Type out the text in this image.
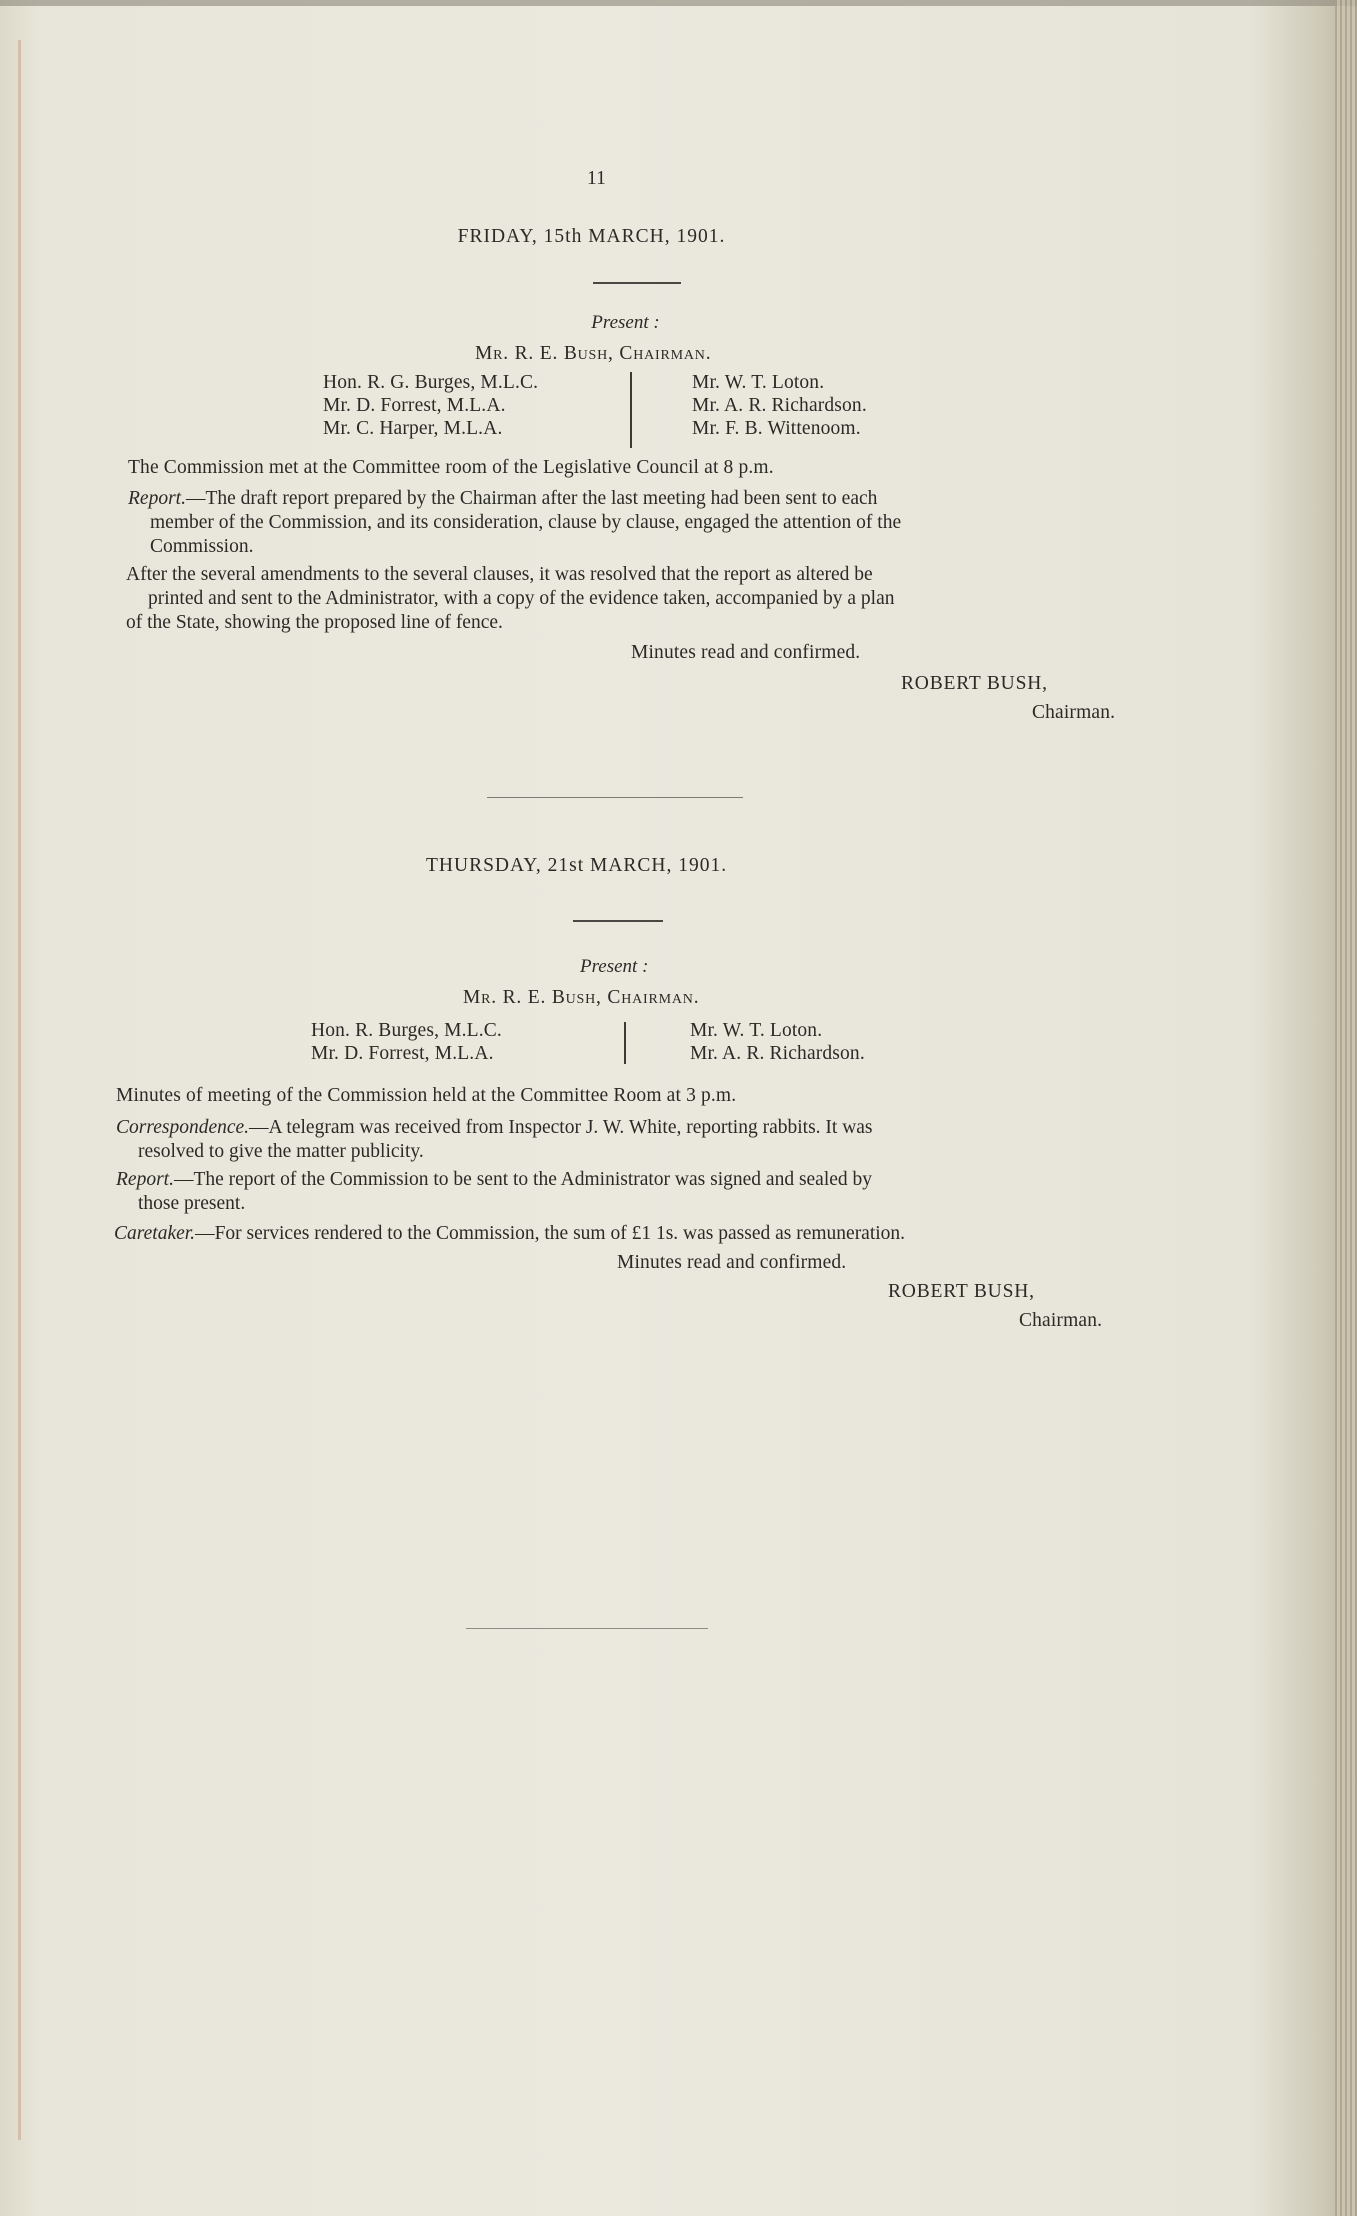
11
FRIDAY, 15th MARCH, 1901.
Present :
Mr. R. E. Bush, Chairman.
Hon. R. G. Burges, M.L.C.
Mr. D. Forrest, M.L.A.
Mr. C. Harper, M.L.A.
Mr. W. T. Loton.
Mr. A. R. Richardson.
Mr. F. B. Wittenoom.
The Commission met at the Committee room of the Legislative Council at 8 p.m.
Report.—The draft report prepared by the Chairman after the last meeting had been sent to each
member of the Commission, and its consideration, clause by clause, engaged the attention of the
Commission.
After the several amendments to the several clauses, it was resolved that the report as altered be
printed and sent to the Administrator, with a copy of the evidence taken, accompanied by a plan
of the State, showing the proposed line of fence.
Minutes read and confirmed.
ROBERT BUSH,
Chairman.
THURSDAY, 21st MARCH, 1901.
Present :
Mr. R. E. Bush, Chairman.
Hon. R. Burges, M.L.C.
Mr. D. Forrest, M.L.A.
Mr. W. T. Loton.
Mr. A. R. Richardson.
Minutes of meeting of the Commission held at the Committee Room at 3 p.m.
Correspondence.—A telegram was received from Inspector J. W. White, reporting rabbits. It was
resolved to give the matter publicity.
Report.—The report of the Commission to be sent to the Administrator was signed and sealed by
those present.
Caretaker.—For services rendered to the Commission, the sum of £1 1s. was passed as remuneration.
Minutes read and confirmed.
ROBERT BUSH,
Chairman.
